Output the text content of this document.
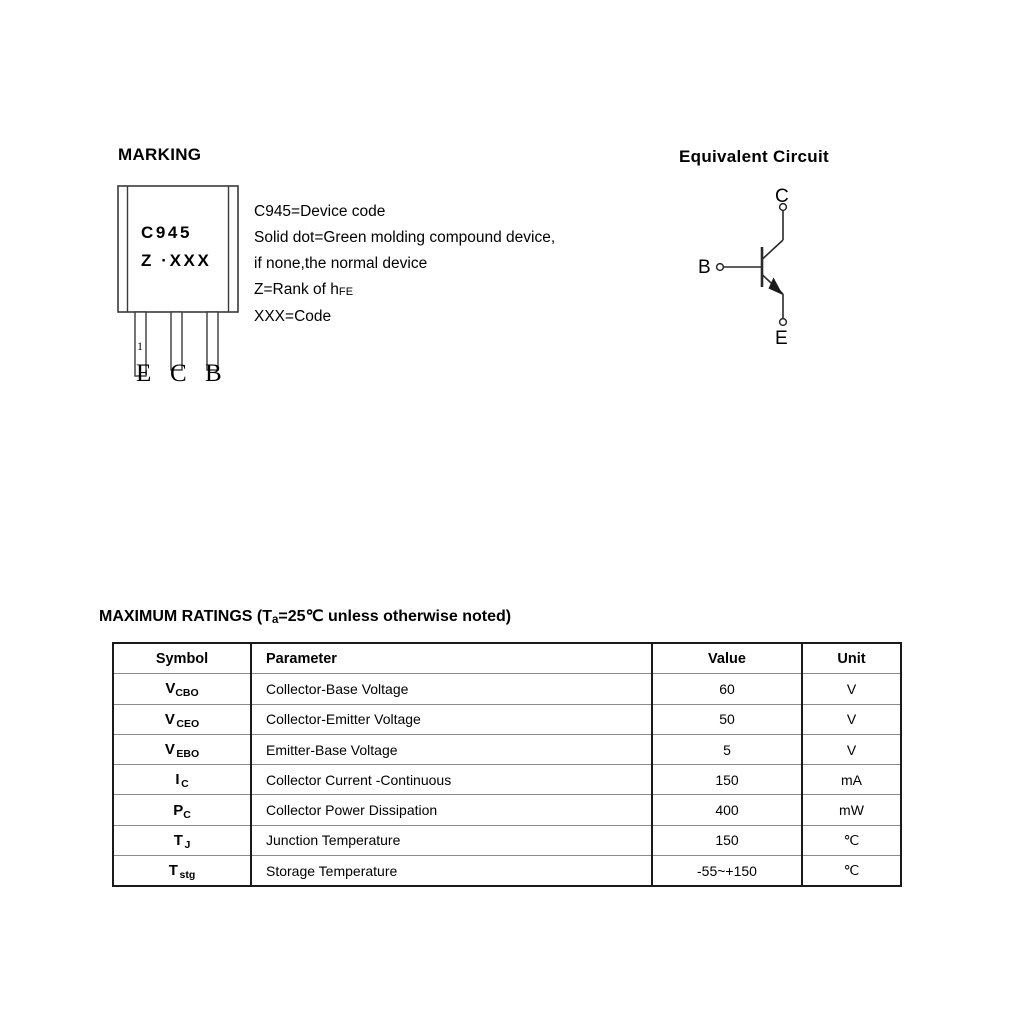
MARKING
1
E C B
C945
Z ·XXX
C945=Device code
Solid dot=Green molding compound device,
if none,the normal device
Z=Rank of hFE
XXX=Code
Equivalent Circuit
C
B
E
MAXIMUM RATINGS (Ta=25℃ unless otherwise noted)
Symbol	Parameter	Value	Unit
$V_{CBO}$	Collector-Base Voltage	60	V
$V_{CEO}$	Collector-Emitter Voltage	50	V
$V_{EBO}$	Emitter-Base Voltage	5	V
$I_C$	Collector Current -Continuous	150	mA
$P_C$	Collector Power Dissipation	400	mW
$T_J$	Junction Temperature	150	℃
$T_{stg}$	Storage Temperature	-55~+150	℃
